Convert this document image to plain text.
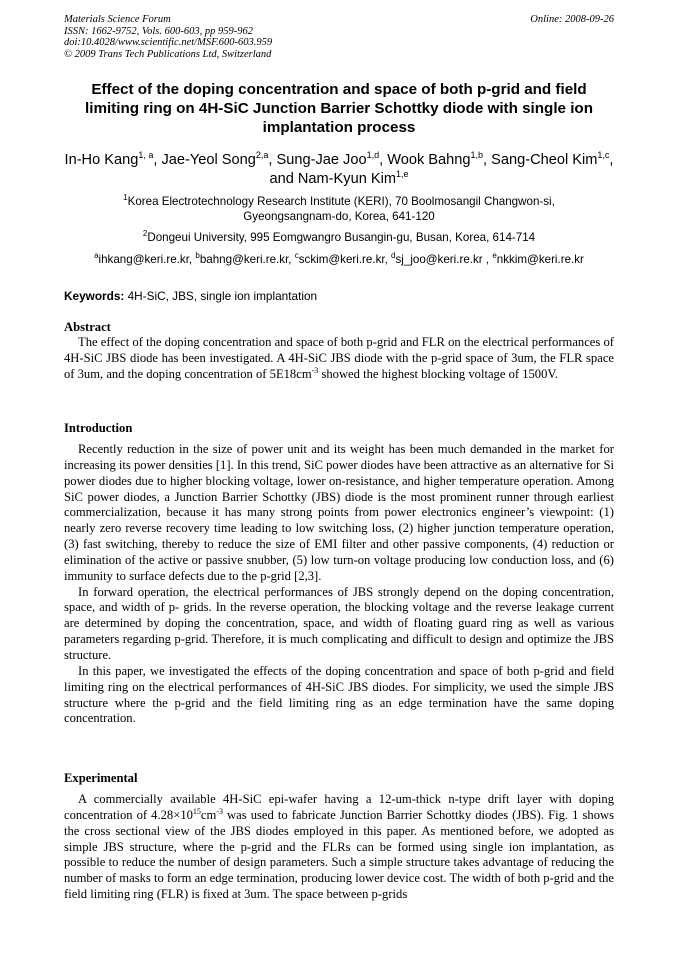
Materials Science Forum
ISSN: 1662-9752, Vols. 600-603, pp 959-962
doi:10.4028/www.scientific.net/MSF.600-603.959
© 2009 Trans Tech Publications Ltd, Switzerland
Online: 2008-09-26
Effect of the doping concentration and space of both p-grid and field limiting ring on 4H-SiC Junction Barrier Schottky diode with single ion implantation process
In-Ho Kang$^{1, a}$, Jae-Yeol Song$^{2,a}$, Sung-Jae Joo$^{1,d}$, Wook Bahng$^{1,b}$, Sang-Cheol Kim$^{1,c}$, and Nam-Kyun Kim$^{1,e}$
$^1$Korea Electrotechnology Research Institute (KERI), 70 Boolmosangil Changwon-si,
Gyeongsangnam-do, Korea, 641-120
$^2$Dongeui University, 995 Eomgwangro Busangin-gu, Busan, Korea, 614-714
$^a$ihkang@keri.re.kr, $^b$bahng@keri.re.kr, $^c$sckim@keri.re.kr, $^d$sj_joo@keri.re.kr , $^e$nkkim@keri.re.kr
Keywords: 4H-SiC, JBS, single ion implantation
Abstract

The effect of the doping concentration and space of both p-grid and FLR on the electrical performances of 4H-SiC JBS diode has been investigated. A 4H-SiC JBS diode with the p-grid space of 3um, the FLR space of 3um, and the doping concentration of $5E18cm^{-3}$ showed the highest blocking voltage of 1500V.

Introduction

Recently reduction in the size of power unit and its weight has been much demanded in the market for increasing its power densities [1]. In this trend, SiC power diodes have been attractive as an alternative for Si power diodes due to higher blocking voltage, lower on-resistance, and higher temperature operation. Among SiC power diodes, a Junction Barrier Schottky (JBS) diode is the most prominent runner through earliest commercialization, because it has many strong points from power electronics engineer’s viewpoint: (1) nearly zero reverse recovery time leading to low switching loss, (2) higher junction temperature operation, (3) fast switching, thereby to reduce the size of EMI filter and other passive components, (4) reduction or elimination of the active or passive snubber, (5) low turn-on voltage producing low conduction loss, and (6) immunity to surface defects due to the p-grid [2,3].

In forward operation, the electrical performances of JBS strongly depend on the doping concentration, space, and width of p- grids. In the reverse operation, the blocking voltage and the reverse leakage current are determined by doping the concentration, space, and width of floating guard ring as well as various parameters regarding p-grid. Therefore, it is much complicating and difficult to design and optimize the JBS structure.

In this paper, we investigated the effects of the doping concentration and space of both p-grid and field limiting ring on the electrical performances of 4H-SiC JBS diodes. For simplicity, we used the simple JBS structure where the p-grid and the field limiting ring as an edge termination have the same doping concentration.

Experimental

A commercially available 4H-SiC epi-wafer having a 12-um-thick n-type drift layer with doping concentration of $4.28\times 10^{15}cm^{-3}$ was used to fabricate Junction Barrier Schottky diodes (JBS). Fig. 1 shows the cross sectional view of the JBS diodes employed in this paper. As mentioned before, we adopted as simple JBS structure, where the p-grid and the FLRs can be formed using single ion implantation, as possible to reduce the number of design parameters. Such a simple structure takes advantage of reducing the number of masks to form an edge termination, producing lower device cost. The width of both p-grid and the field limiting ring (FLR) is fixed at 3um. The space between p-grids
